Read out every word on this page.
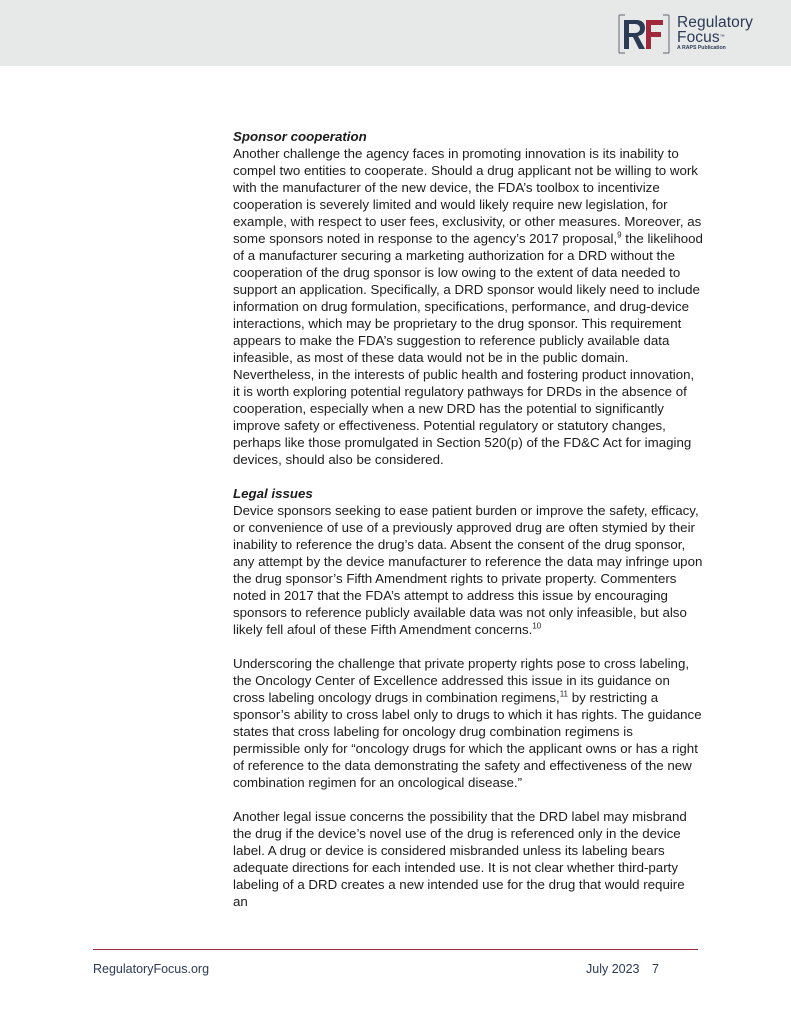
Regulatory
Focus™
A RAPS Publication

Sponsor cooperation

Another challenge the agency faces in promoting innovation is its inability to compel two entities to cooperate. Should a drug applicant not be willing to work with the manufacturer of the new device, the FDA’s toolbox to incentivize cooperation is severely limited and would likely require new legislation, for example, with respect to user fees, exclusivity, or other measures. Moreover, as some sponsors noted in response to the agency’s 2017 proposal,$^9$ the likelihood of a manufacturer securing a marketing authorization for a DRD without the cooperation of the drug sponsor is low owing to the extent of data needed to support an application. Specifically, a DRD sponsor would likely need to include information on drug formulation, specifications, performance, and drug-device interactions, which may be proprietary to the drug sponsor. This requirement appears to make the FDA’s suggestion to reference publicly available data infeasible, as most of these data would not be in the public domain. Nevertheless, in the interests of public health and fostering product innovation, it is worth exploring potential regulatory pathways for DRDs in the absence of cooperation, especially when a new DRD has the potential to significantly improve safety or effectiveness. Potential regulatory or statutory changes, perhaps like those promulgated in Section 520(p) of the FD&C Act for imaging devices, should also be considered.

Legal issues

Device sponsors seeking to ease patient burden or improve the safety, efficacy, or convenience of use of a previously approved drug are often stymied by their inability to reference the drug’s data. Absent the consent of the drug sponsor, any attempt by the device manufacturer to reference the data may infringe upon the drug sponsor’s Fifth Amendment rights to private property. Commenters noted in 2017 that the FDA’s attempt to address this issue by encouraging sponsors to reference publicly available data was not only infeasible, but also likely fell afoul of these Fifth Amendment concerns.$^{10}$

Underscoring the challenge that private property rights pose to cross labeling, the Oncology Center of Excellence addressed this issue in its guidance on cross labeling oncology drugs in combination regimens,$^{11}$ by restricting a sponsor’s ability to cross label only to drugs to which it has rights. The guidance states that cross labeling for oncology drug combination regimens is permissible only for “oncology drugs for which the applicant owns or has a right of reference to the data demonstrating the safety and effectiveness of the new combination regimen for an oncological disease.”

Another legal issue concerns the possibility that the DRD label may misbrand the drug if the device’s novel use of the drug is referenced only in the device label. A drug or device is considered misbranded unless its labeling bears adequate directions for each intended use. It is not clear whether third-party labeling of a DRD creates a new intended use for the drug that would require an

RegulatoryFocus.org	July 2023 7
